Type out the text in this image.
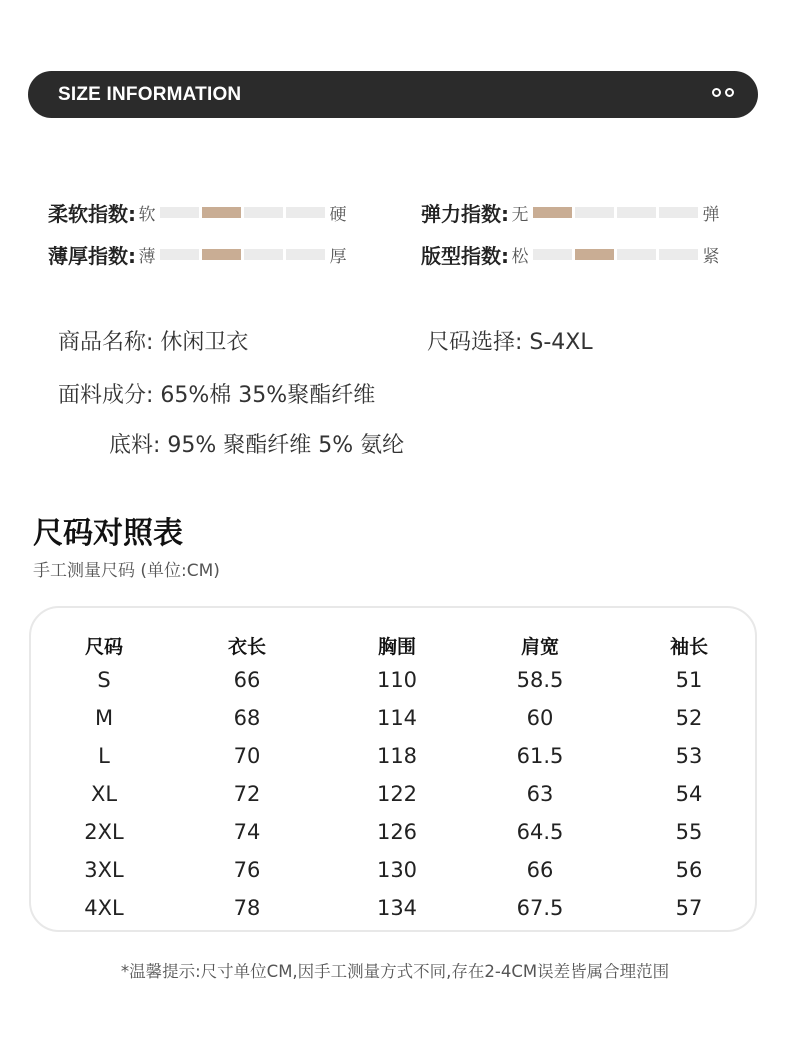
SIZE INFORMATION
柔软指数: 软	硬	弹力指数: 无	弹
薄厚指数: 薄	厚	版型指数: 松	紧
商品名称: 休闲卫衣	尺码选择: S-4XL
面料成分: 65%棉 35%聚酯纤维
底料: 95% 聚酯纤维 5% 氨纶
尺码对照表
手工测量尺码 (单位:CM)
尺码	衣长	胸围	肩宽	袖长
S	66	110	58.5	51
M	68	114	60	52
L	70	118	61.5	53
XL	72	122	63	54
2XL	74	126	64.5	55
3XL	76	130	66	56
4XL	78	134	67.5	57
*温馨提示:尺寸单位CM,因手工测量方式不同,存在2-4CM误差皆属合理范围
